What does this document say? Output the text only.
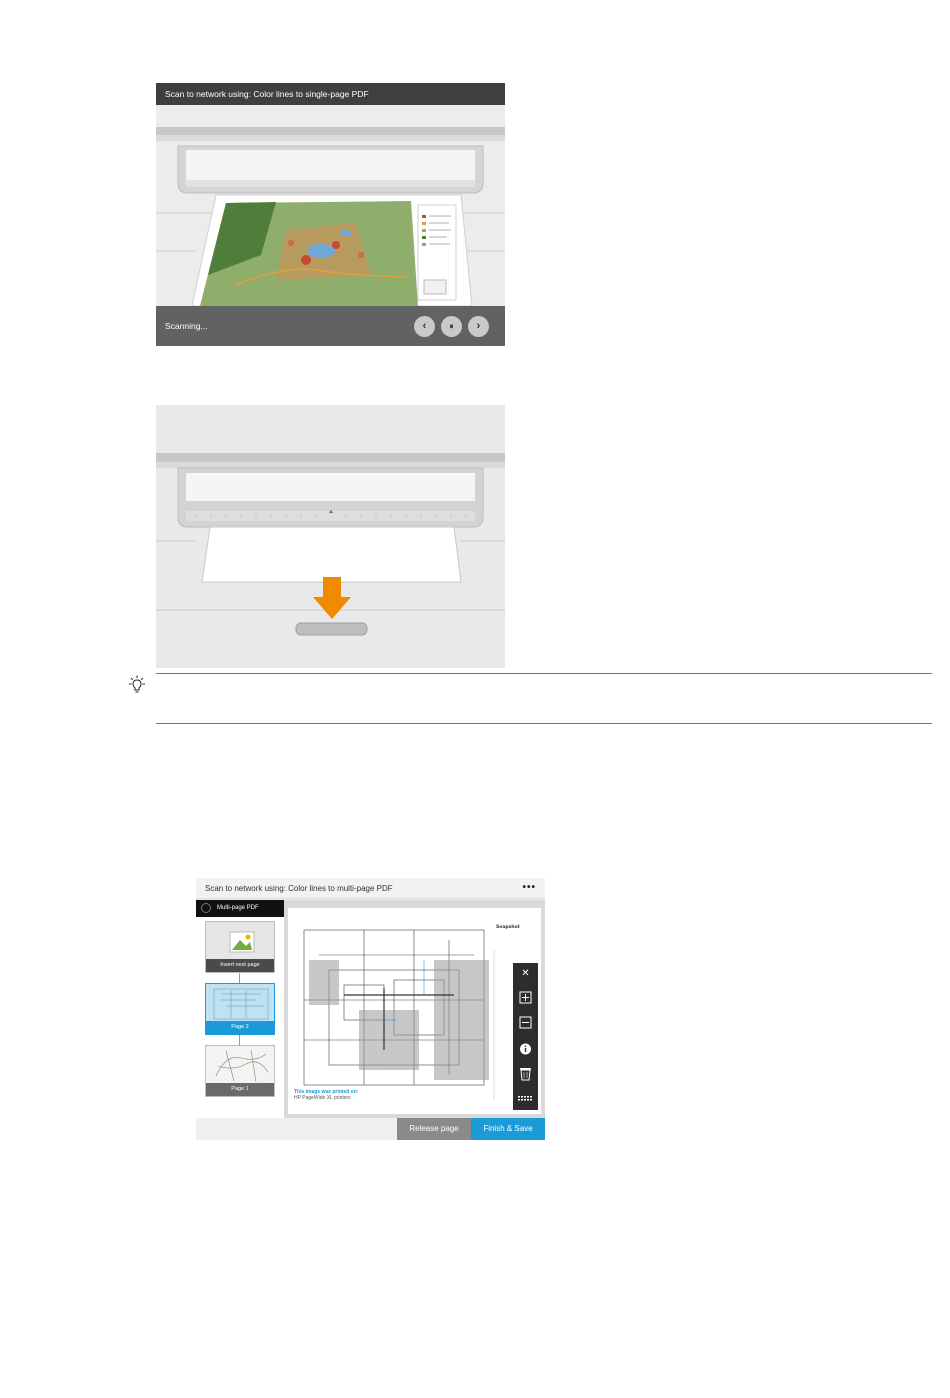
Scan to network using: Color lines to single-page PDF
Scanning...	‹	⏸	›
Scan to network using: Color lines to multi-page PDF	•••
Multi-page PDF
Insert next page
Page 2
Page 1
Snapshot
This image was printed on:
HP PageWide XL printers
✕
Release page	Finish & Save
